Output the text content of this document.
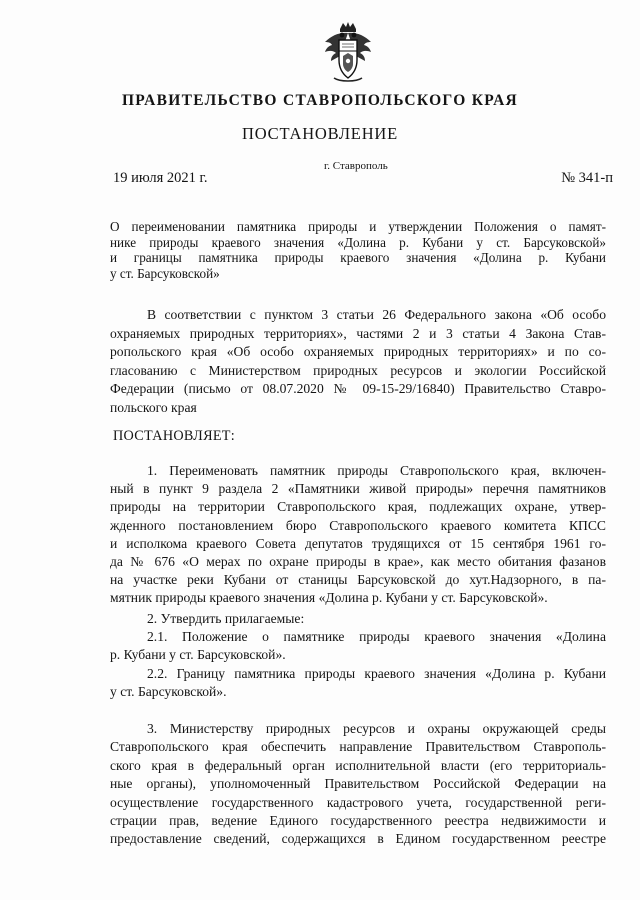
ПРАВИТЕЛЬСТВО СТАВРОПОЛЬСКОГО КРАЯ
ПОСТАНОВЛЕНИЕ
19 июля 2021 г.
г. Ставрополь
№ 341-п
О переименовании памятника природы и утверждении Положения о памят-
нике природы краевого значения «Долина р. Кубани у ст. Барсуковской»
и границы памятника природы краевого значения «Долина р. Кубани
у ст. Барсуковской»
В соответствии с пунктом 3 статьи 26 Федерального закона «Об особо
охраняемых природных территориях», частями 2 и 3 статьи 4 Закона Став-
ропольского края «Об особо охраняемых природных территориях» и по со-
гласованию с Министерством природных ресурсов и экологии Российской
Федерации (письмо от 08.07.2020 № 09-15-29/16840) Правительство Ставро-
польского края
ПОСТАНОВЛЯЕТ:
1. Переименовать памятник природы Ставропольского края, включен-
ный в пункт 9 раздела 2 «Памятники живой природы» перечня памятников
природы на территории Ставропольского края, подлежащих охране, утвер-
жденного постановлением бюро Ставропольского краевого комитета КПСС
и исполкома краевого Совета депутатов трудящихся от 15 сентября 1961 го-
да № 676 «О мерах по охране природы в крае», как место обитания фазанов
на участке реки Кубани от станицы Барсуковской до хут.Надзорного, в па-
мятник природы краевого значения «Долина р. Кубани у ст. Барсуковской».
2. Утвердить прилагаемые:
2.1. Положение о памятнике природы краевого значения «Долина
р. Кубани у ст. Барсуковской».
2.2. Границу памятника природы краевого значения «Долина р. Кубани
у ст. Барсуковской».
3. Министерству природных ресурсов и охраны окружающей среды
Ставропольского края обеспечить направление Правительством Ставрополь-
ского края в федеральный орган исполнительной власти (его территориаль-
ные органы), уполномоченный Правительством Российской Федерации на
осуществление государственного кадастрового учета, государственной реги-
страции прав, ведение Единого государственного реестра недвижимости и
предоставление сведений, содержащихся в Едином государственном реестре
